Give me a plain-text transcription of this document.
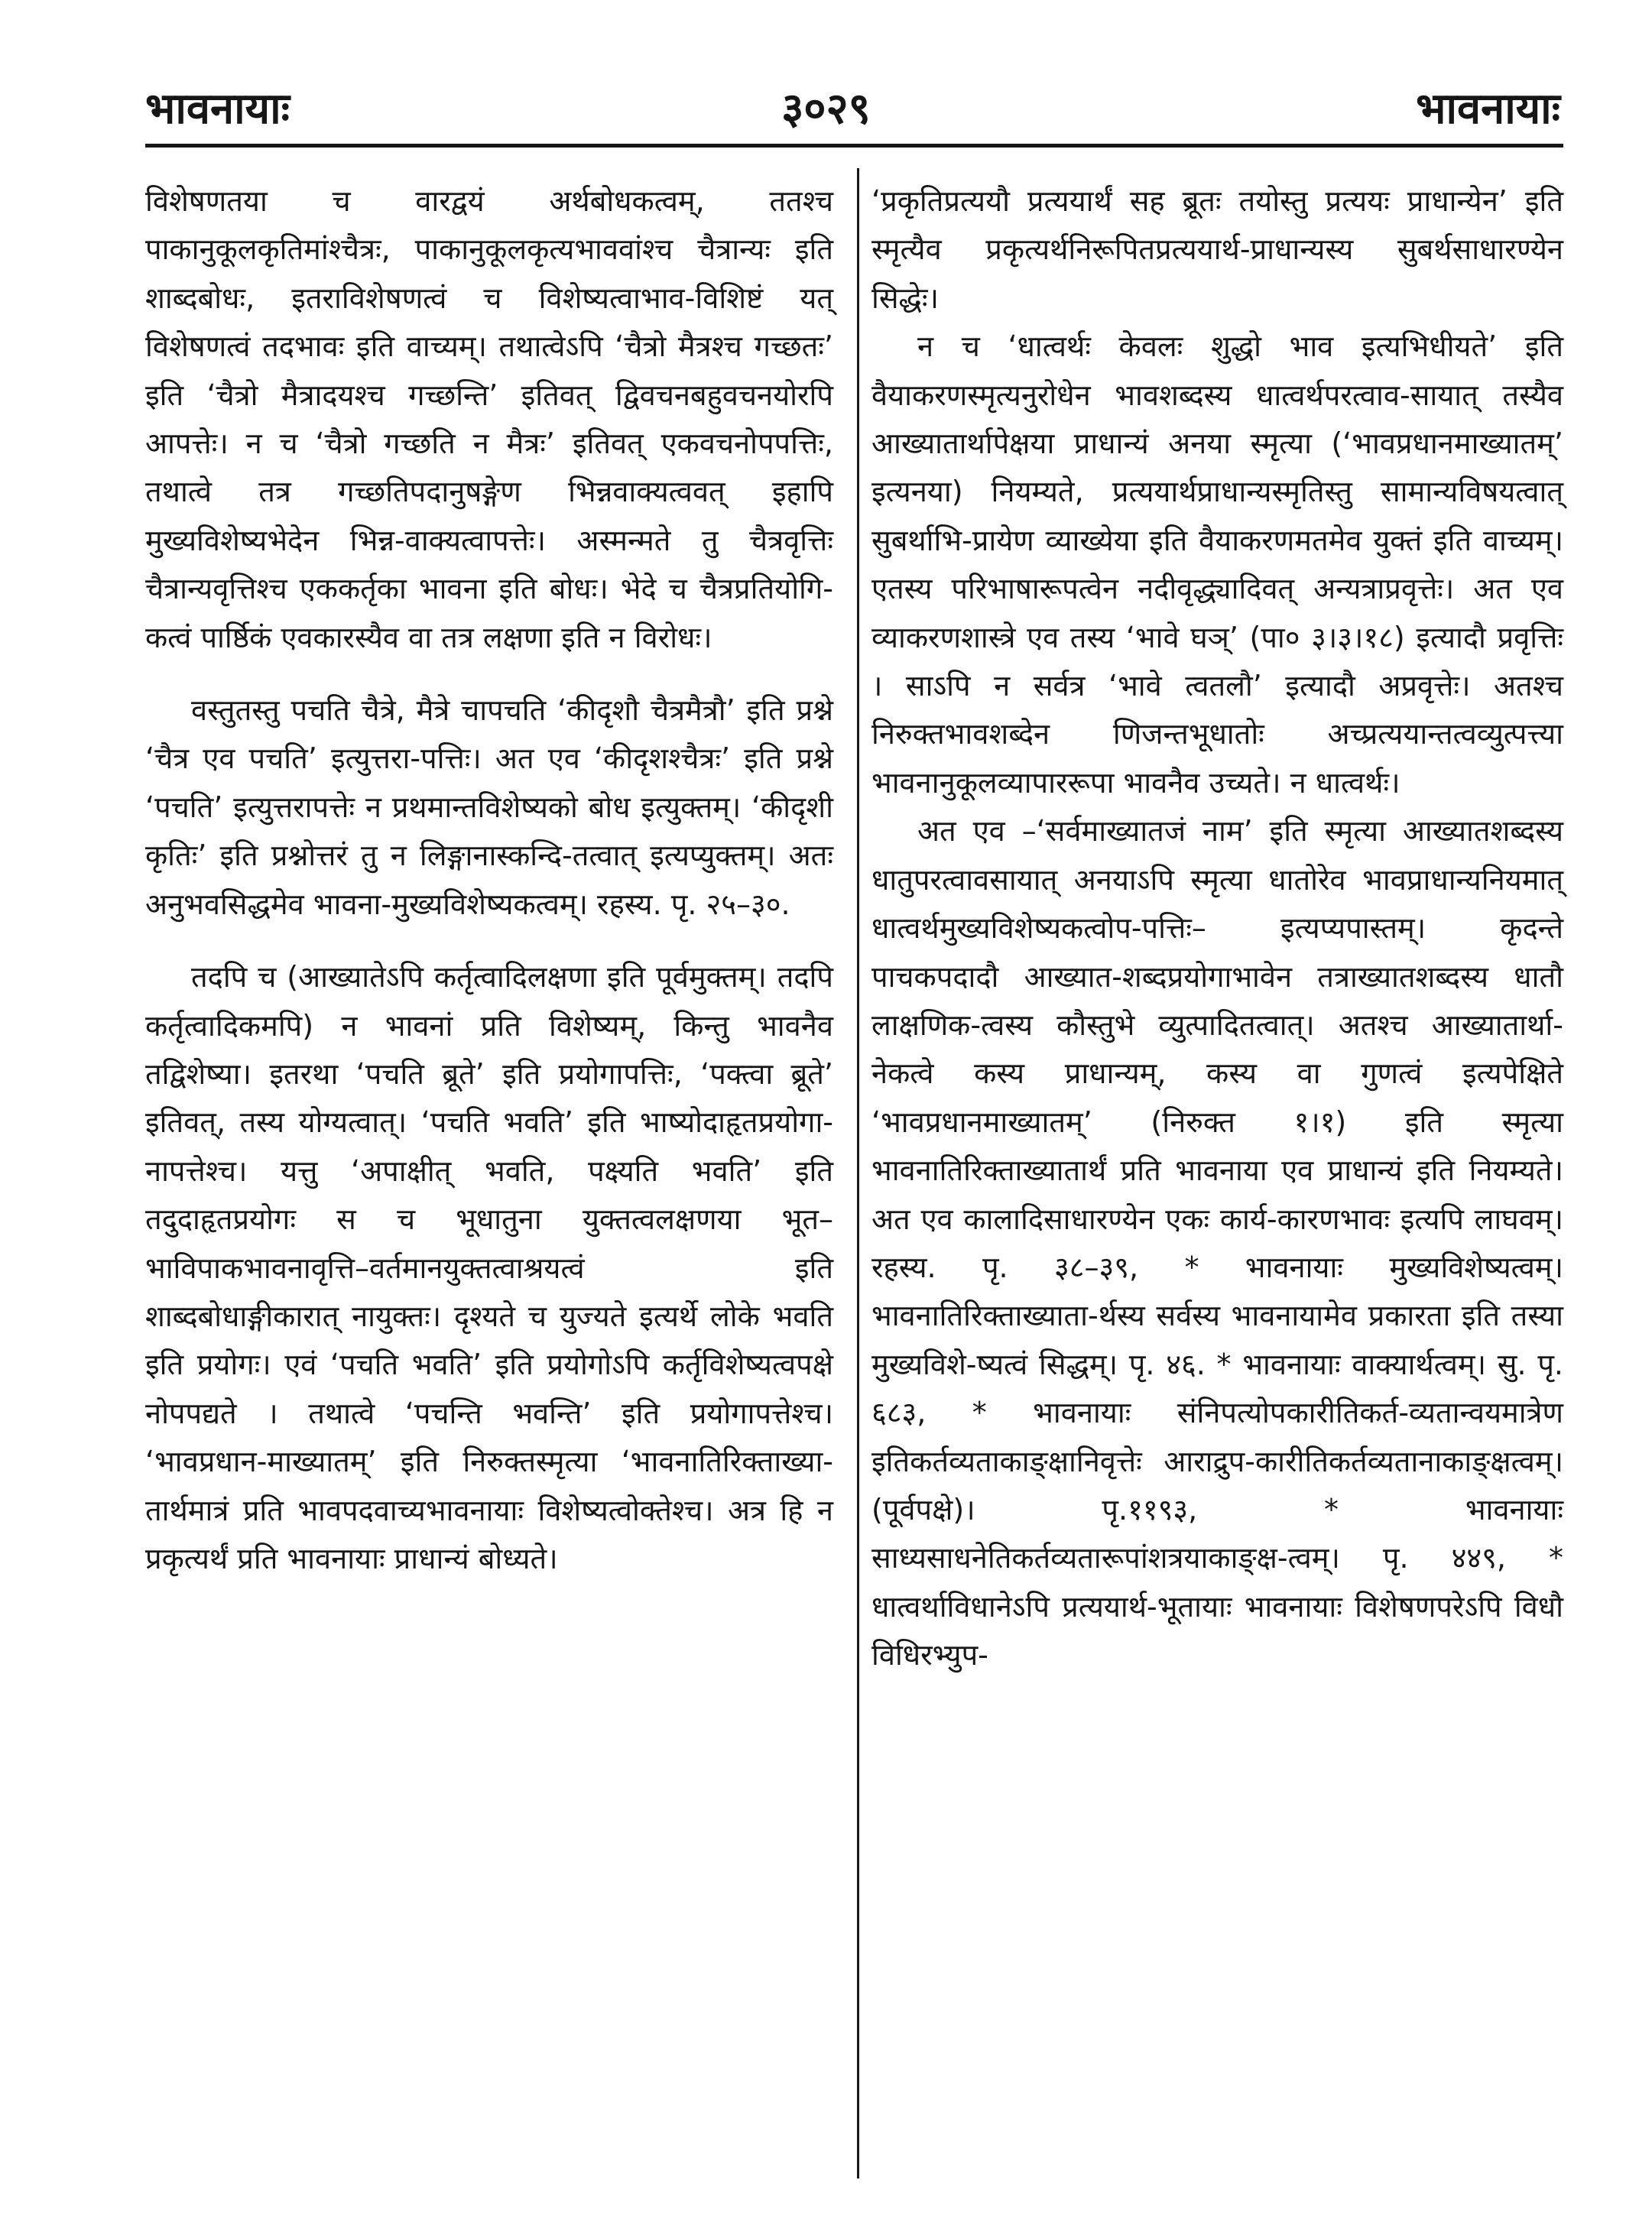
भावनायाः	३०२९	भावनायाः

विशेषणतया च वारद्वयं अर्थबोधकत्वम्, ततश्च पाकानुकूलकृतिमांश्चैत्रः, पाकानुकूलकृत्यभाववांश्च चैत्रान्यः इति शाब्दबोधः, इतराविशेषणत्वं च विशेष्यत्वाभाव-विशिष्टं यत् विशेषणत्वं तदभावः इति वाच्यम्। तथात्वेऽपि ‘चैत्रो मैत्रश्च गच्छतः’ इति ‘चैत्रो मैत्रादयश्च गच्छन्ति’ इतिवत् द्विवचनबहुवचनयोरपि आपत्तेः। न च ‘चैत्रो गच्छति न मैत्रः’ इतिवत् एकवचनोपपत्तिः, तथात्वे तत्र गच्छतिपदानुषङ्गेण भिन्नवाक्यत्ववत् इहापि मुख्यविशेष्यभेदेन भिन्न-वाक्यत्वापत्तेः। अस्मन्मते तु चैत्रवृत्तिः चैत्रान्यवृत्तिश्च एककर्तृका भावना इति बोधः। भेदे च चैत्रप्रतियोगि-कत्वं पार्ष्ठिकं एवकारस्यैव वा तत्र लक्षणा इति न विरोधः।

वस्तुतस्तु पचति चैत्रे, मैत्रे चापचति ‘कीदृशौ चैत्रमैत्रौ’ इति प्रश्ने ‘चैत्र एव पचति’ इत्युत्तरा-पत्तिः। अत एव ‘कीदृशश्चैत्रः’ इति प्रश्ने ‘पचति’ इत्युत्तरापत्तेः न प्रथमान्तविशेष्यको बोध इत्युक्तम्। ‘कीदृशी कृतिः’ इति प्रश्नोत्तरं तु न लिङ्गानास्कन्दि-तत्वात् इत्यप्युक्तम्। अतः अनुभवसिद्धमेव भावना-मुख्यविशेष्यकत्वम्। रहस्य. पृ. २५–३०.

तदपि च (आख्यातेऽपि कर्तृत्वादिलक्षणा इति पूर्वमुक्तम्। तदपि कर्तृत्वादिकमपि) न भावनां प्रति विशेष्यम्, किन्तु भावनैव तद्विशेष्या। इतरथा ‘पचति ब्रूते’ इति प्रयोगापत्तिः, ‘पक्त्वा ब्रूते’ इतिवत्, तस्य योग्यत्वात्। ‘पचति भवति’ इति भाष्योदाहृतप्रयोगा-नापत्तेश्च। यत्तु ‘अपाक्षीत् भवति, पक्ष्यति भवति’ इति तदुदाहृतप्रयोगः स च भूधातुना युक्तत्वलक्षणया भूत–भाविपाकभावनावृत्ति–वर्तमानयुक्तत्वाश्रयत्वं इति शाब्दबोधाङ्गीकारात् नायुक्तः। दृश्यते च युज्यते इत्यर्थे लोके भवति इति प्रयोगः। एवं ‘पचति भवति’ इति प्रयोगोऽपि कर्तृविशेष्यत्वपक्षे नोपपद्यते । तथात्वे ‘पचन्ति भवन्ति’ इति प्रयोगापत्तेश्च। ‘भावप्रधान-माख्यातम्’ इति निरुक्तस्मृत्या ‘भावनातिरिक्ताख्या-तार्थमात्रं प्रति भावपदवाच्यभावनायाः विशेष्यत्वोक्तेश्च। अत्र हि न प्रकृत्यर्थं प्रति भावनायाः प्राधान्यं बोध्यते।

‘प्रकृतिप्रत्ययौ प्रत्ययार्थं सह ब्रूतः तयोस्तु प्रत्ययः प्राधान्येन’ इति स्मृत्यैव प्रकृत्यर्थनिरूपितप्रत्ययार्थ-प्राधान्यस्य सुबर्थसाधारण्येन सिद्धेः।

न च ‘धात्वर्थः केवलः शुद्धो भाव इत्यभिधीयते’ इति वैयाकरणस्मृत्यनुरोधेन भावशब्दस्य धात्वर्थपरत्वाव-सायात् तस्यैव आख्यातार्थापेक्षया प्राधान्यं अनया स्मृत्या (‘भावप्रधानमाख्यातम्’ इत्यनया) नियम्यते, प्रत्ययार्थप्राधान्यस्मृतिस्तु सामान्यविषयत्वात् सुबर्थाभि-प्रायेण व्याख्येया इति वैयाकरणमतमेव युक्तं इति वाच्यम्। एतस्य परिभाषारूपत्वेन नदीवृद्ध्यादिवत् अन्यत्राप्रवृत्तेः। अत एव व्याकरणशास्त्रे एव तस्य ‘भावे घञ्’ (पा० ३।३।१८) इत्यादौ प्रवृत्तिः । साऽपि न सर्वत्र ‘भावे त्वतलौ’ इत्यादौ अप्रवृत्तेः। अतश्च निरुक्तभावशब्देन णिजन्तभूधातोः अच्प्रत्ययान्तत्वव्युत्पत्त्या भावनानुकूलव्यापाररूपा भावनैव उच्यते। न धात्वर्थः।

अत एव –‘सर्वमाख्यातजं नाम’ इति स्मृत्या आख्यातशब्दस्य धातुपरत्वावसायात् अनयाऽपि स्मृत्या धातोरेव भावप्राधान्यनियमात् धात्वर्थमुख्यविशेष्यकत्वोप-पत्तिः– इत्यप्यपास्तम्। कृदन्ते पाचकपदादौ आख्यात-शब्दप्रयोगाभावेन तत्राख्यातशब्दस्य धातौ लाक्षणिक-त्वस्य कौस्तुभे व्युत्पादितत्वात्। अतश्च आख्यातार्था-नेकत्वे कस्य प्राधान्यम्, कस्य वा गुणत्वं इत्यपेक्षिते ‘भावप्रधानमाख्यातम्’ (निरुक्त १।१) इति स्मृत्या भावनातिरिक्ताख्यातार्थं प्रति भावनाया एव प्राधान्यं इति नियम्यते। अत एव कालादिसाधारण्येन एकः कार्य-कारणभावः इत्यपि लाघवम्। रहस्य. पृ. ३८–३९, * भावनायाः मुख्यविशेष्यत्वम्। भावनातिरिक्ताख्याता-र्थस्य सर्वस्य भावनायामेव प्रकारता इति तस्या मुख्यविशे-ष्यत्वं सिद्धम्। पृ. ४६. * भावनायाः वाक्यार्थत्वम्। सु. पृ. ६८३, * भावनायाः संनिपत्योपकारीतिकर्त-व्यतान्वयमात्रेण इतिकर्तव्यताकाङ्क्षानिवृत्तेः आराद्रुप-कारीतिकर्तव्यतानाकाङ्क्षत्वम्। (पूर्वपक्षे)। पृ.११९३, * भावनायाः साध्यसाधनेतिकर्तव्यतारूपांशत्रयाकाङ्क्ष-त्वम्। पृ. ४४९, * धात्वर्थाविधानेऽपि प्रत्ययार्थ-भूतायाः भावनायाः विशेषणपरेऽपि विधौ विधिरभ्युप-
